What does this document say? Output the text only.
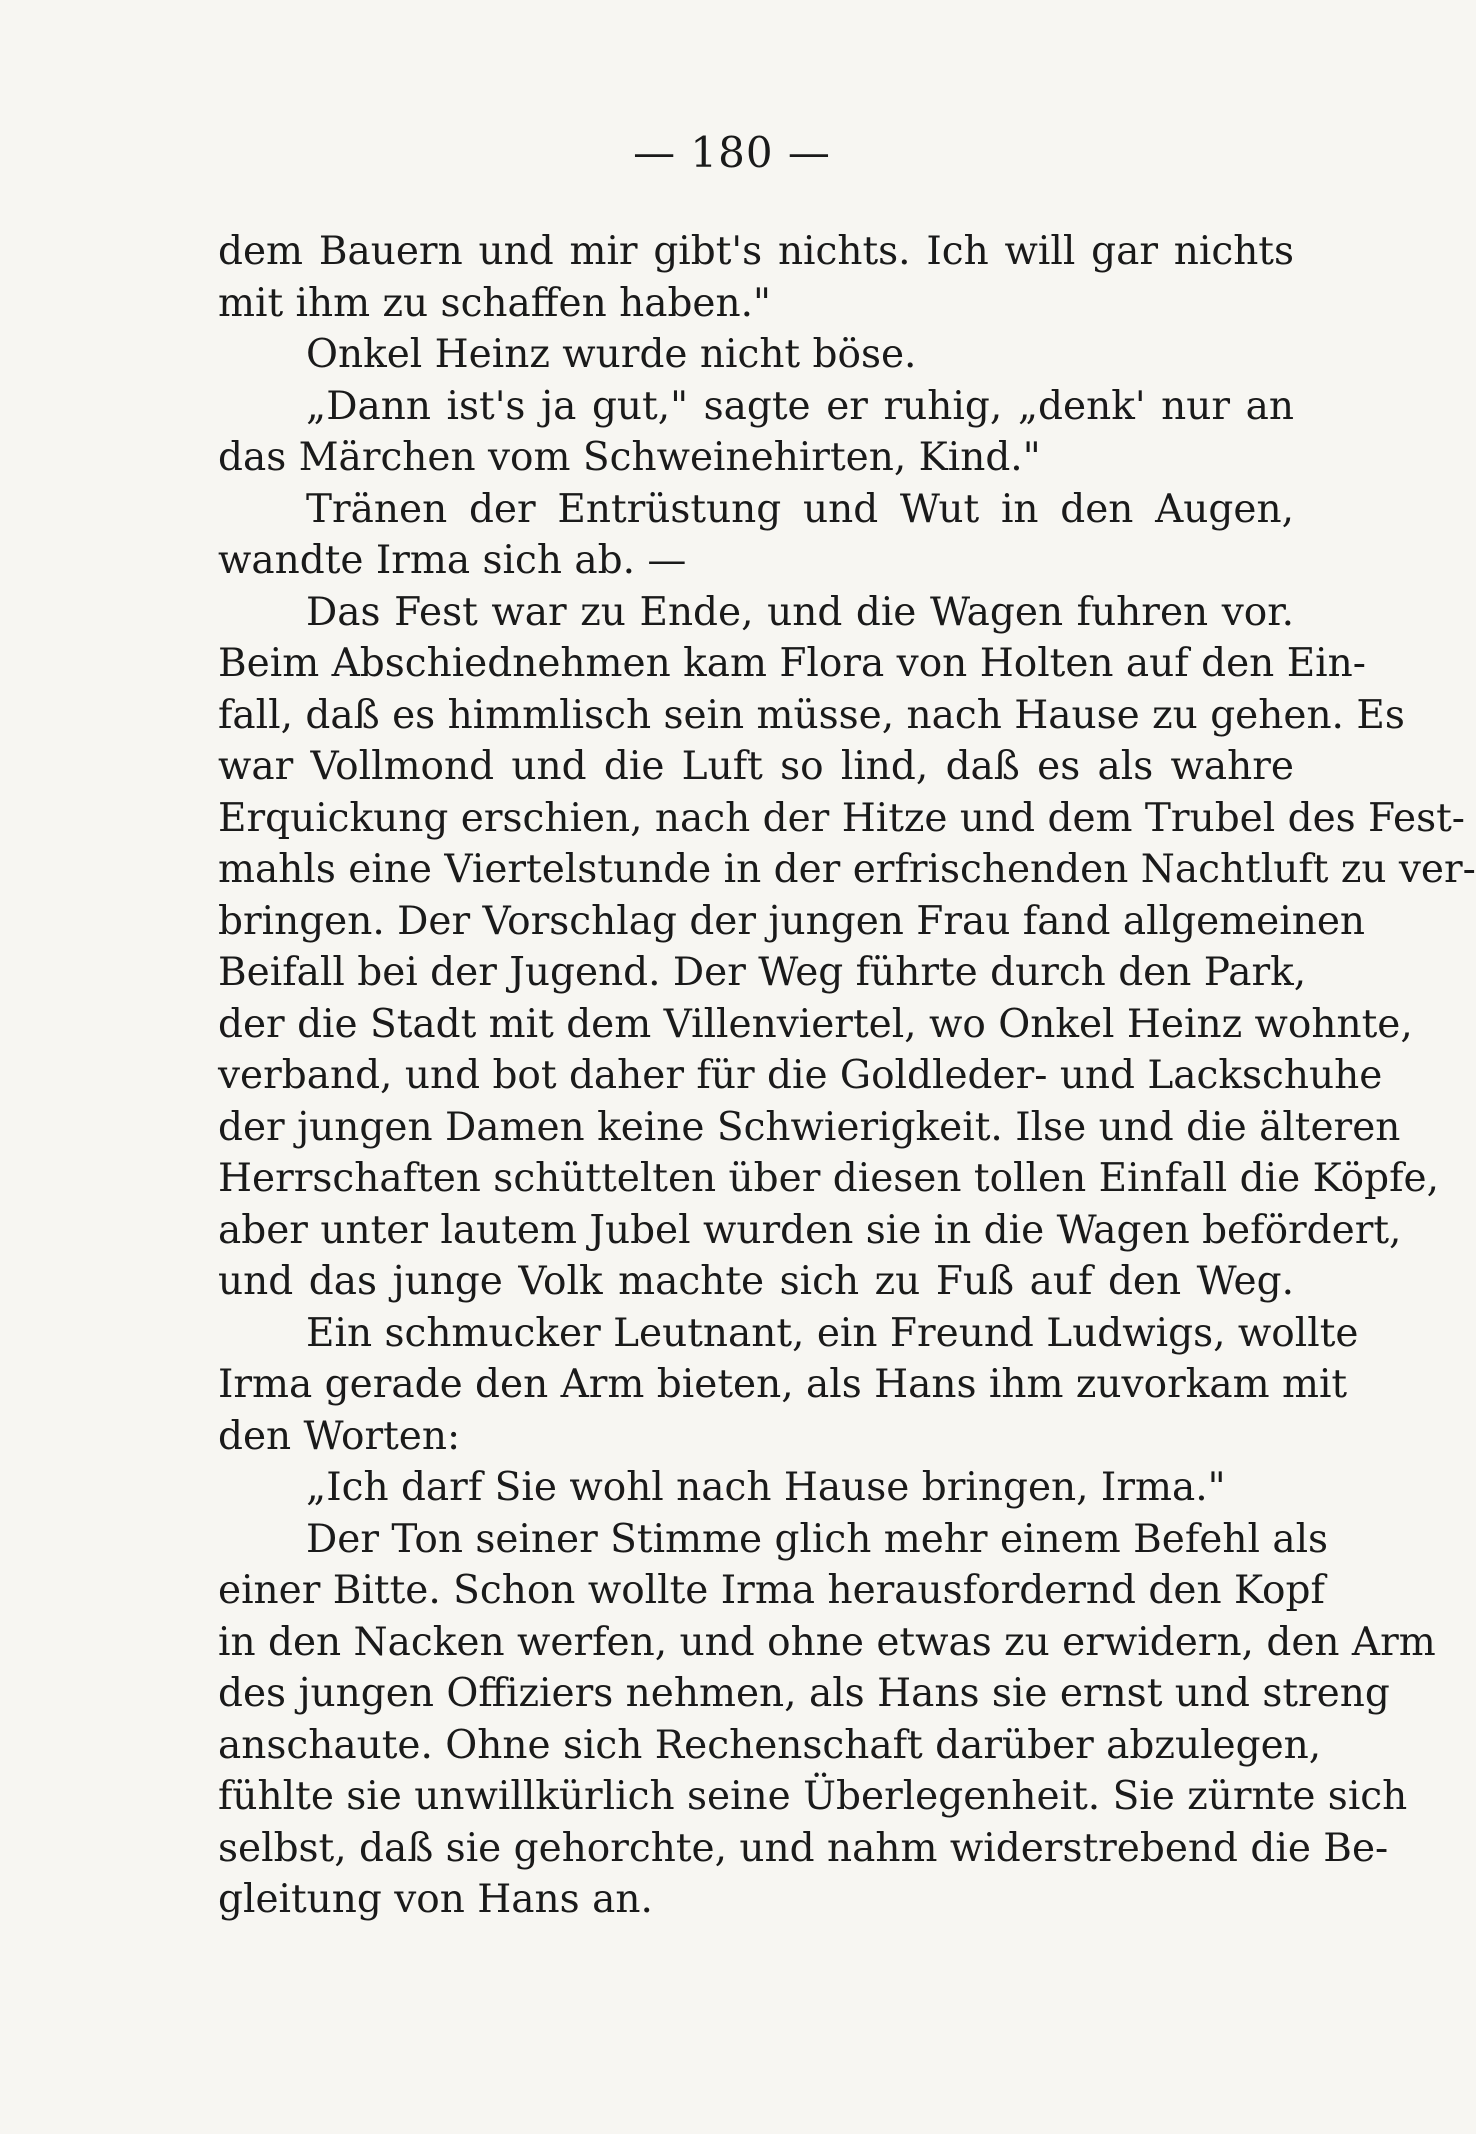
— 180 —
dem Bauern und mir gibt's nichts. Ich will gar nichts
mit ihm zu schaffen haben."
Onkel Heinz wurde nicht böse.
„Dann ist's ja gut," sagte er ruhig, „denk' nur an
das Märchen vom Schweinehirten, Kind."
Tränen der Entrüstung und Wut in den Augen,
wandte Irma sich ab. —
Das Fest war zu Ende, und die Wagen fuhren vor.
Beim Abschiednehmen kam Flora von Holten auf den Ein-
fall, daß es himmlisch sein müsse, nach Hause zu gehen. Es
war Vollmond und die Luft so lind, daß es als wahre
Erquickung erschien, nach der Hitze und dem Trubel des Fest-
mahls eine Viertelstunde in der erfrischenden Nachtluft zu ver-
bringen. Der Vorschlag der jungen Frau fand allgemeinen
Beifall bei der Jugend. Der Weg führte durch den Park,
der die Stadt mit dem Villenviertel, wo Onkel Heinz wohnte,
verband, und bot daher für die Goldleder- und Lackschuhe
der jungen Damen keine Schwierigkeit. Ilse und die älteren
Herrschaften schüttelten über diesen tollen Einfall die Köpfe,
aber unter lautem Jubel wurden sie in die Wagen befördert,
und das junge Volk machte sich zu Fuß auf den Weg.
Ein schmucker Leutnant, ein Freund Ludwigs, wollte
Irma gerade den Arm bieten, als Hans ihm zuvorkam mit
den Worten:
„Ich darf Sie wohl nach Hause bringen, Irma."
Der Ton seiner Stimme glich mehr einem Befehl als
einer Bitte. Schon wollte Irma herausfordernd den Kopf
in den Nacken werfen, und ohne etwas zu erwidern, den Arm
des jungen Offiziers nehmen, als Hans sie ernst und streng
anschaute. Ohne sich Rechenschaft darüber abzulegen,
fühlte sie unwillkürlich seine Überlegenheit. Sie zürnte sich
selbst, daß sie gehorchte, und nahm widerstrebend die Be-
gleitung von Hans an.
